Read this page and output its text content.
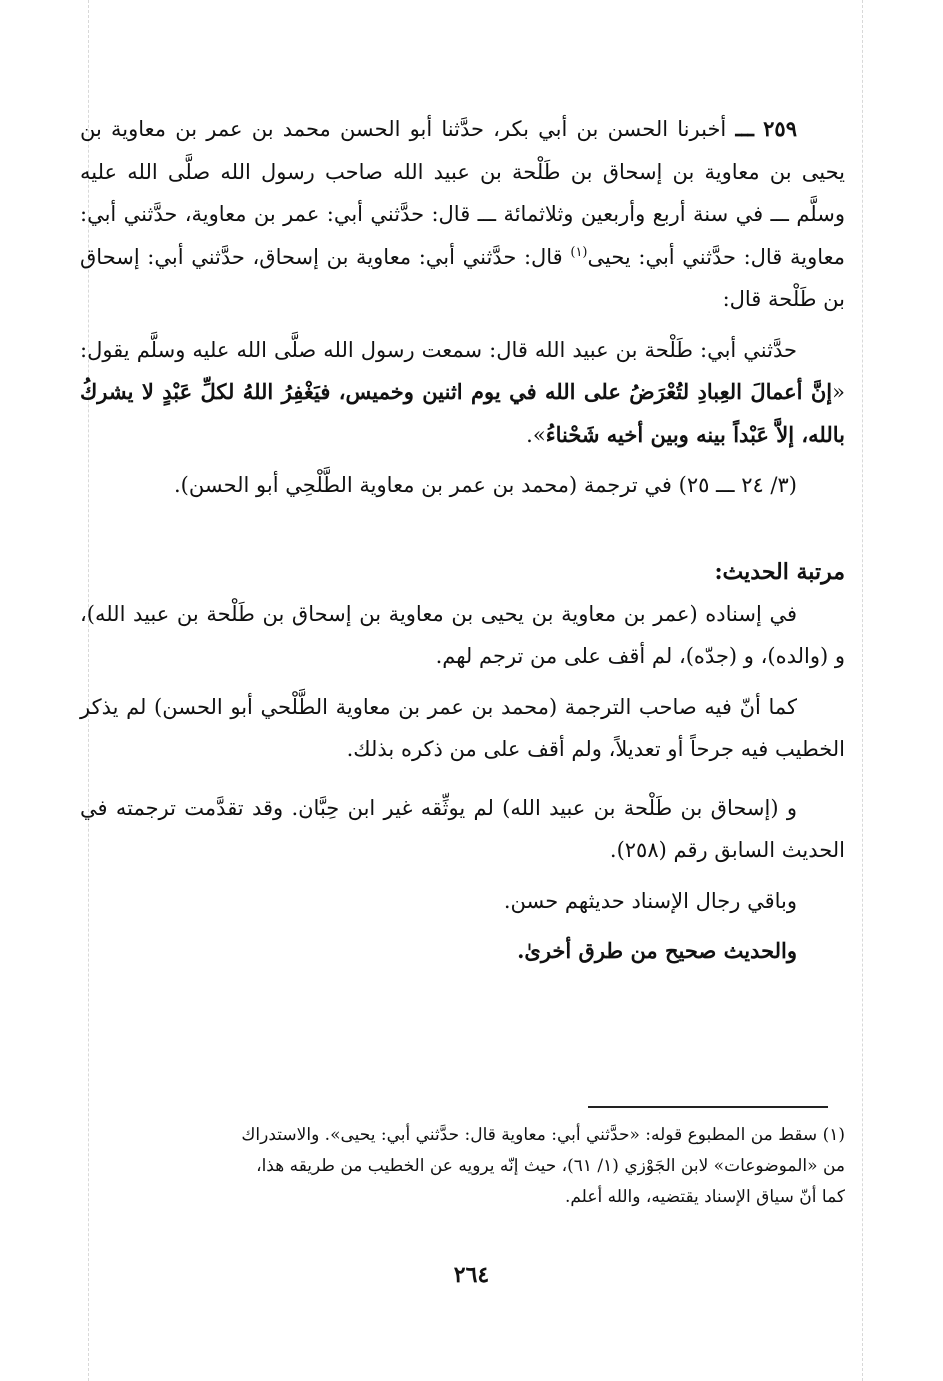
٢٥٩ ـــ أخبرنا الحسن بن أبي بكر، حدَّثنا أبو الحسن محمد بن عمر بن معاوية بن يحيى بن معاوية بن إسحاق بن طَلْحة بن عبيد الله صاحب رسول الله صلَّى الله عليه وسلَّم ـــ في سنة أربع وأربعين وثلاثمائة ـــ قال: حدَّثني أبي: عمر بن معاوية، حدَّثني أبي: معاوية قال: حدَّثني أبي: يحيى$^{(١)}$ قال: حدَّثني أبي: معاوية بن إسحاق، حدَّثني أبي: إسحاق بن طَلْحة قال:

حدَّثني أبي: طَلْحة بن عبيد الله قال: سمعت رسول الله صلَّى الله عليه وسلَّم يقول: «إنَّ أعمالَ العِبادِ لتُعْرَضُ على الله في يوم اثنين وخميس، فيَغْفِرُ اللهُ لكلِّ عَبْدٍ لا يشركُ بالله، إلاَّ عَبْداً بينه وبين أخيه شَحْناءُ».

(٣/ ٢٤ ـــ ٢٥) في ترجمة (محمد بن عمر بن معاوية الطَّلْحِي أبو الحسن).

مرتبة الحديث:

في إسناده (عمر بن معاوية بن يحيى بن معاوية بن إسحاق بن طَلْحة بن عبيد الله)، و (والده)، و (جدّه)، لم أقف على من ترجم لهم.

كما أنّ فيه صاحب الترجمة (محمد بن عمر بن معاوية الطَّلْحي أبو الحسن) لم يذكر الخطيب فيه جرحاً أو تعديلاً، ولم أقف على من ذكره بذلك.

و (إسحاق بن طَلْحة بن عبيد الله) لم يوثِّقه غير ابن حِبَّان. وقد تقدَّمت ترجمته في الحديث السابق رقم (٢٥٨).

وباقي رجال الإسناد حديثهم حسن.

والحديث صحيح من طرق أخرىٰ.

(١) سقط من المطبوع قوله: «حدَّثني أبي: معاوية قال: حدَّثني أبي: يحيى». والاستدراك

من «الموضوعات» لابن الجَوْزي (١/ ٦١)، حيث إنّه يرويه عن الخطيب من طريقه هذا،

كما أنّ سياق الإسناد يقتضيه، والله أعلم.

٢٦٤
